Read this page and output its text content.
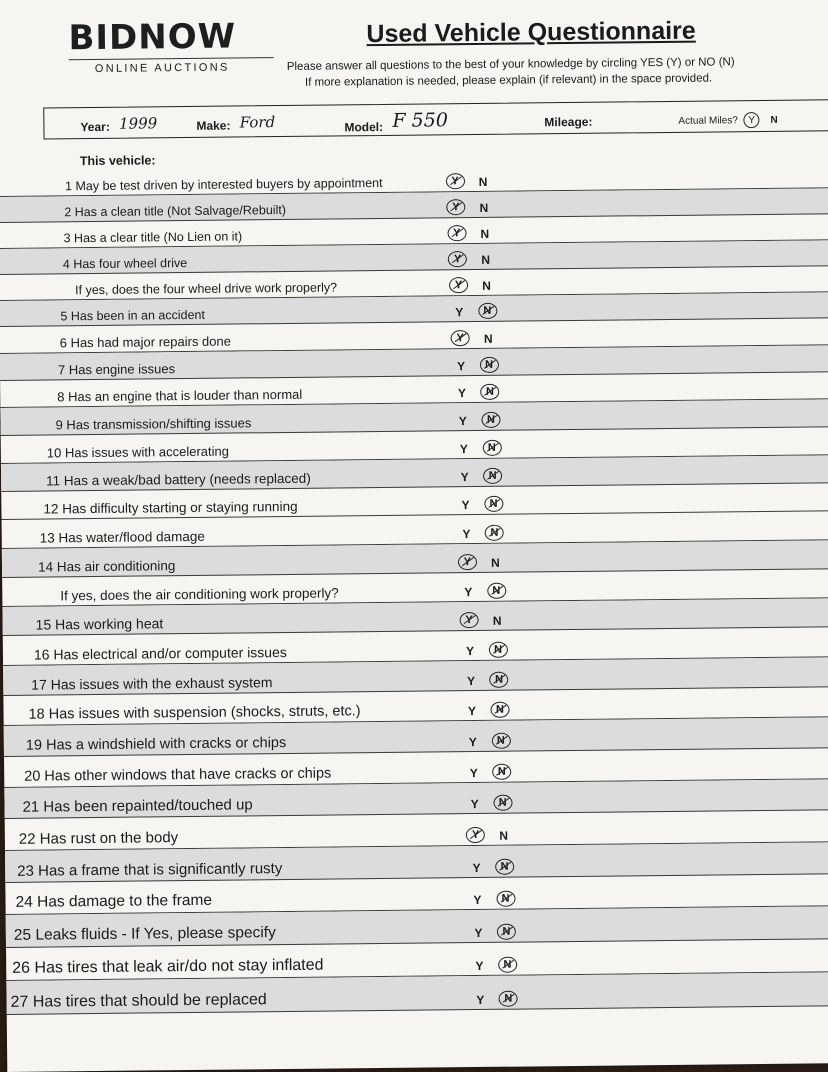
BIDNOW
ONLINE AUCTIONS
Used Vehicle Questionnaire
Please answer all questions to the best of your knowledge by circling YES (Y) or NO (N)
If more explanation is needed, please explain (if relevant) in the space provided.
Year: 1999	Make: Ford	Model: F 550	Mileage:	Actual Miles? Y N
This vehicle:
1 May be test driven by interested buyers by appointment	Y	N
2 Has a clean title (Not Salvage/Rebuilt)	Y	N
3 Has a clear title (No Lien on it)	Y	N
4 Has four wheel drive	Y	N
If yes, does the four wheel drive work properly?	Y	N
5 Has been in an accident	Y	N
6 Has had major repairs done	Y	N
7 Has engine issues	Y	N
8 Has an engine that is louder than normal	Y	N
9 Has transmission/shifting issues	Y	N
10 Has issues with accelerating	Y	N
11 Has a weak/bad battery (needs replaced)	Y	N
12 Has difficulty starting or staying running	Y	N
13 Has water/flood damage	Y	N
14 Has air conditioning	Y	N
If yes, does the air conditioning work properly?	Y	N
15 Has working heat	Y	N
16 Has electrical and/or computer issues	Y	N
17 Has issues with the exhaust system	Y	N
18 Has issues with suspension (shocks, struts, etc.)	Y	N
19 Has a windshield with cracks or chips	Y	N
20 Has other windows that have cracks or chips	Y	N
21 Has been repainted/touched up	Y	N
22 Has rust on the body	Y	N
23 Has a frame that is significantly rusty	Y	N
24 Has damage to the frame	Y	N
25 Leaks fluids - If Yes, please specify	Y	N
26 Has tires that leak air/do not stay inflated	Y	N
27 Has tires that should be replaced	Y	N
